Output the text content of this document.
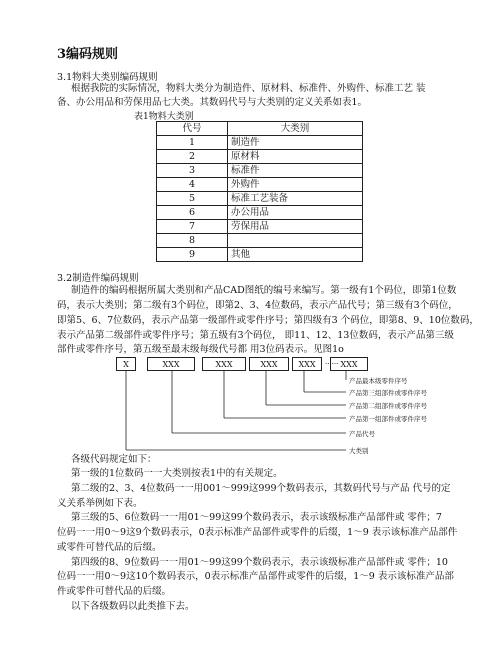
3编码规则
3.1物料大类别编码规则
根据我院的实际情况，物料大类分为制造件、原材料、标准件、外购件、标准工艺 装
备、办公用品和劳保用品七大类。其数码代号与大类别的定义关系如表1。
表1物料大类别
代号	大类别
1	制造件
2	原材料
3	标准件
4	外购件
5	标准工艺装备
6	办公用品
7	劳保用品
8	
9	其他
3.2制造件编码规则
制造件的编码根据所属大类别和产品CAD图纸的编号来编写。第一级有1个码位，即第1位数
码，表示大类别；第二级有3个码位，即第2、3、4位数码，表示产品代号；第三级有3个码位，
即第5、6、7位数码，表示产品第一级部件或零件序号；第四级有3 个码位，即第8、9、10位数码，
表示产品第二级部件或零件序号；第五级有3个码位， 即11、12、13位数码，表示产品第三级
部件或零件序号，第五级至最末级每级代号都 用3位码表示。见图1o
X	XXX	XXX	XXX	XXX	...... XXX
产品最本级零件序号
产品第三组部件或零件序号
产品第二组部件或零件序号
产品第一组部件或零件序号
产品代号
大类别
各级代码规定如下：
第一级的1位数码一一大类别按表1中的有关规定。
第二级的2、3、4位数码一一用001～999这999个数码表示，其数码代号与产品 代号的定
义关系举例如下表。
第三级的5、6位数码一一用01～99这99个数码表示，表示该级标准产品部件或 零件；7
位码一一用0～9这9个数码表示，0表示标准产品部件或零件的后缀，1～9 表示该标准产品部件
或零件可替代品的后缀。
第四级的8、9位数码一一用01～99这99个数码表示，表示该级标准产品部件或 零件；10
位码一一用0～9这10个数码表示，0表示标准产品部件或零件的后缀，1～9 表示该标准产品部
件或零件可替代品的后缀。
以下各级数码以此类推下去。
